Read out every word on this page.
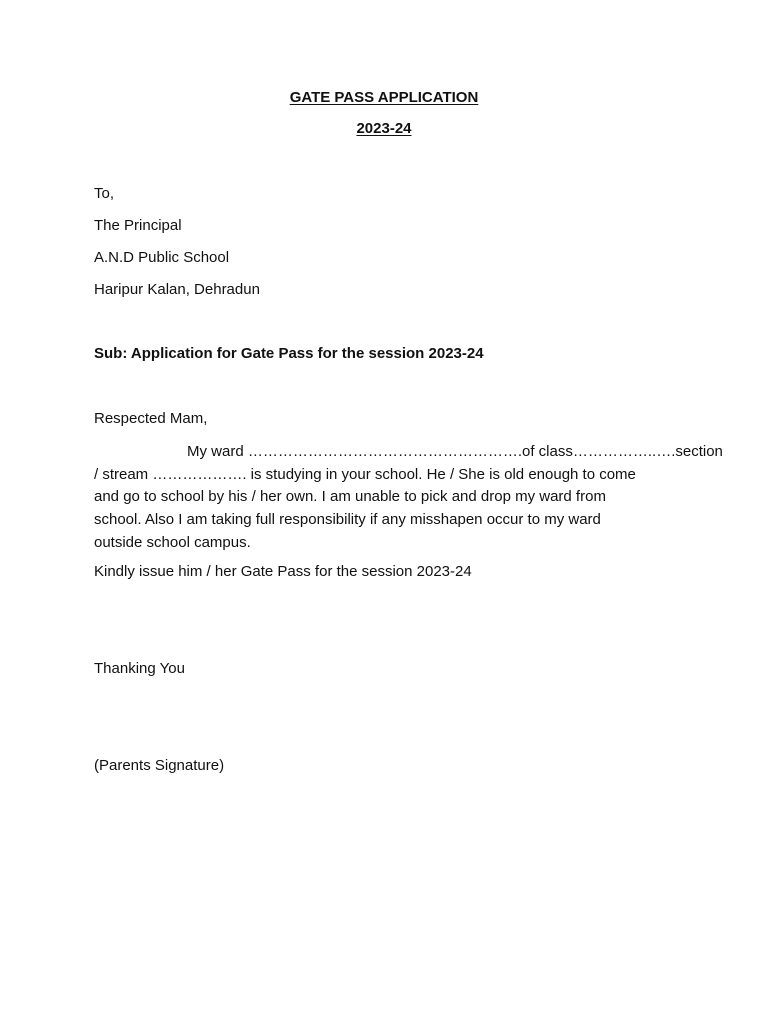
GATE PASS APPLICATION
2023-24
To,
The Principal
A.N.D Public School
Haripur Kalan, Dehradun
Sub: Application for Gate Pass for the session 2023-24
Respected Mam,
My ward ……………………………………………….of class……………..….section
/ stream ………………. is studying in your school. He / She is old enough to come
and go to school by his / her own. I am unable to pick and drop my ward from
school. Also I am taking full responsibility if any misshapen occur to my ward
outside school campus.
Kindly issue him / her Gate Pass for the session 2023-24
Thanking You
(Parents Signature)
